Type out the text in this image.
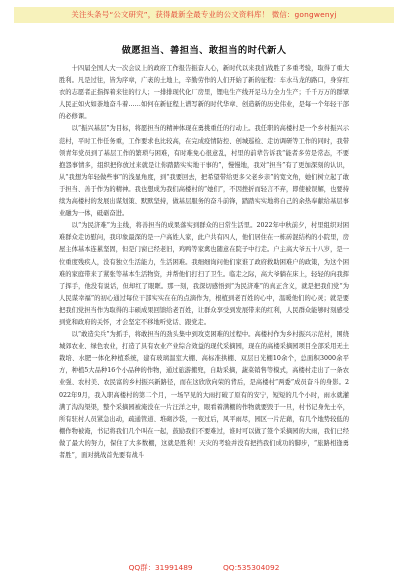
关注头条号“公文研究”，获得最新全最专业的公文资料库！ 微信：gongwenyj
做愿担当、善担当、敢担当的时代新人

十四届全国人大一次会议上的政府工作报告振奋人心，新时代以来我们战胜了多重考验，取得了重大胜利。凡是过往，皆为序章，广袤的土地上，辛勤劳作的人们开始了新的征程：车水马龙的路口，身穿红衣的志愿者正指挥着来往的行人；一排排现代化厂房里，锂电生产线开足马力全力生产；千千万万的群眾人民正如火如荼地奋斗着……如何在新征程上谱写新的时代华章、创造新的历史伟业，是每一个年轻干部的必修课。

以“振兴基层”为目标，将愿担当的精神体现在勇挑重任的行动上。我任职的高楼村是一个乡村振兴示范村，平时工作任务重，工作要求也比较高，在完成疫情防控、创城巡检、走访调研等工作的同时，我带领青年党员到了基层工作的繁琐与困难，有时难免心很意乱，村里的前辈告诉我“能者多劳是常态，不要抱怨事情多，组织把你放过来就是让你踏踏实实地干事的”，慢慢地，我对“担当”有了更加深刻的认识，从“我想为年轻做些事”的浅显角度，到“我要回去，把希望带给更多父老乡亲”的宽文角，她们树立起了敢于担当、善于作为的精神。我也想成为我们高楼村的“她们”，不因挫折而轻言不弃，即使被误解，也要持续为高楼村的发展出谋划策、默默坚持，做基层服务的奋斗前锋，踏踏实实地将自己的余热奉献给基层事业融为一体，砥砺奋进。

以“为民济难”为主线，将善担当的成果落实到群众的日常生活里。2022年中秋前夕，村里组织对困难群众走访慰问，我印象最深的是一户高姓人家，此户共有四人，他们居住在一栋砖混结构的小院里，房屋主体基本连累坚固，但是门窗已经老旧，鸡鸭等家禽也随意在院子中行走。户主高大爷五十八岁，是一位重度残疾人，没有独立生活能力，生活困难。我细细询问他们家谁了政府救助困难户的政策，为这个困难的家庭带来了紧张等基本生活物资，并帮他们打扫了卫生。临走之际，高大爷躺在床上，轻轻的向我挥了挥手，他没有说话，但却红了眼眶。那一刻，我深切感悟到“为民济难”的真正含义，就是把我们党“为人民谋幸福”的初心通过每位干部实实在在的点滴作为，根植到老百姓的心中，温暖他们的心灵；就是要把我们党担当作为取得的丰硕成果回馈给老百姓，让群众享受到发展带来的红利，人民群众能够时刻感受到党和政府的关怀，才会坚定不移地听党话、跟党走。

以“敢造尖兵”为抓手，将敢担当的劲头集中到攻克困难的过程中。高楼村作为乡村振兴示范村，围绕城郊农业、绿色农业，打造了具有农业产业综合效益的现代采摘园，现在的高楼采摘园项目全部采用无土栽培、水肥一体化种植系统，建有玻璃温室大棚、高标准拱棚、双层日光棚10余个，总面积3000余平方，种植5大品种16个小品种的作物，通过旅游搬兜，自助采摘，蔬菜销售等模式，高楼村走出了一条农业强、农村美、农民富的乡村振兴新路径，而在这欣欣向荣的背后，是高楼村“两委”成员奋斗的身影。2022年9月，我入职高楼村的第二个月，一场罕见的大雨打破了原有的安宁，短短的几个小时，雨水就灌满了沟沟渠渠，整个采摘园被淹没在一片汪洋之中，眼看着满棚的作物就要毁于一旦，村书记身先士卒，所有驻村人员紧急出动，疏通管道、堆砌沙袋，一夜过后，风平雨尽，园区一片茫藉，有几个地势较低的棚作物被淹，书记将我们几个叫在一起，鼓励我们不要难过，谁时可以做了签个采摘园的大雨，我们已经做了最大的努力，保住了大多数棚，这就是胜利！天灾的考验并没有把挡我们成功的脚步，“旅路相逢勇者胜”，面对挑战首先要有战斗

QQ群：31991489	QQ:535304092
